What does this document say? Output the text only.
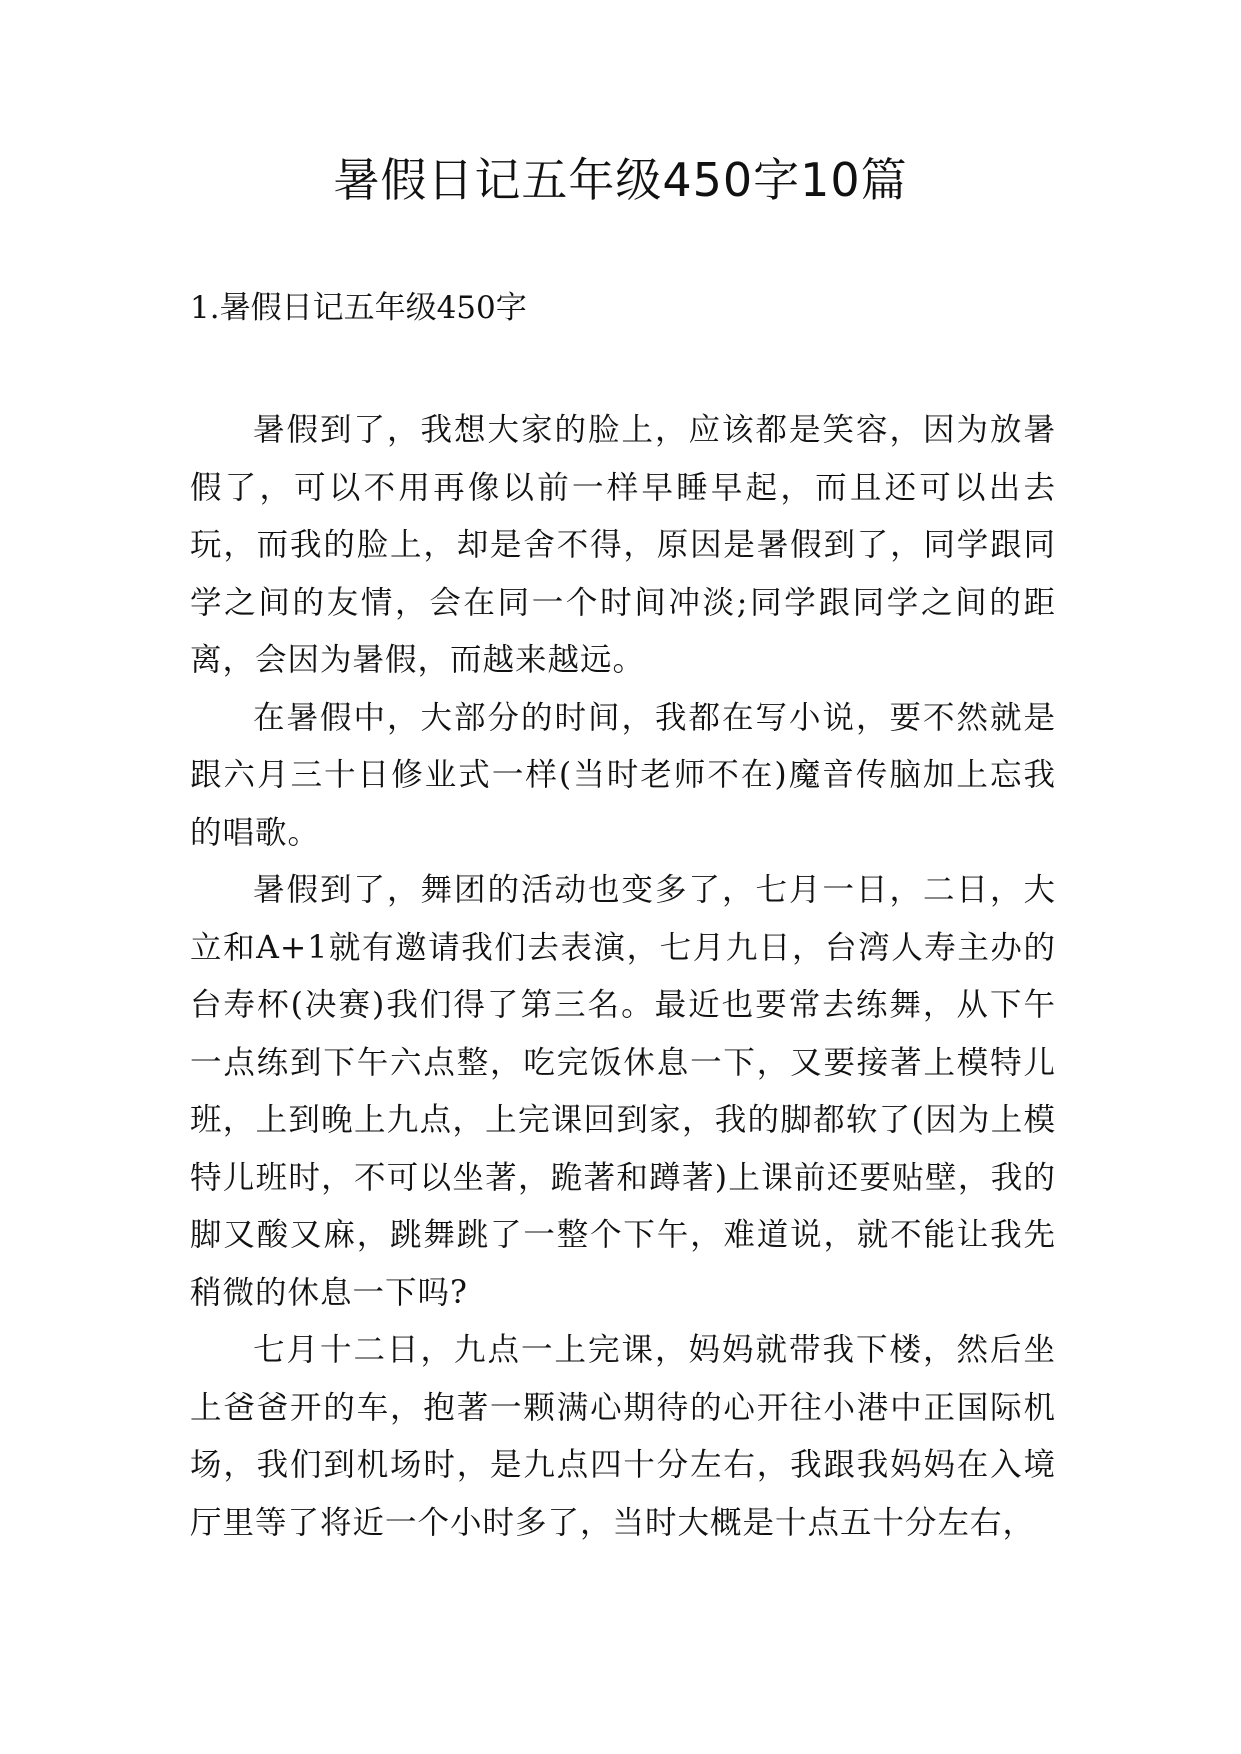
暑假日记五年级450字10篇
1.暑假日记五年级450字

暑假到了，我想大家的脸上，应该都是笑容，因为放暑假了，可以不用再像以前一样早睡早起，而且还可以出去玩，而我的脸上，却是舍不得，原因是暑假到了，同学跟同学之间的友情，会在同一个时间冲淡;同学跟同学之间的距离，会因为暑假，而越来越远。

在暑假中，大部分的时间，我都在写小说，要不然就是跟六月三十日修业式一样(当时老师不在)魔音传脑加上忘我的唱歌。

暑假到了，舞团的活动也变多了，七月一日，二日，大立和A+1就有邀请我们去表演，七月九日，台湾人寿主办的台寿杯(决赛)我们得了第三名。最近也要常去练舞，从下午一点练到下午六点整，吃完饭休息一下，又要接著上模特儿班，上到晚上九点，上完课回到家，我的脚都软了(因为上模特儿班时，不可以坐著，跪著和蹲著)上课前还要贴壁，我的脚又酸又麻，跳舞跳了一整个下午，难道说，就不能让我先稍微的休息一下吗?

七月十二日，九点一上完课，妈妈就带我下楼，然后坐上爸爸开的车，抱著一颗满心期待的心开往小港中正国际机场，我们到机场时，是九点四十分左右，我跟我妈妈在入境厅里等了将近一个小时多了，当时大概是十点五十分左右，
